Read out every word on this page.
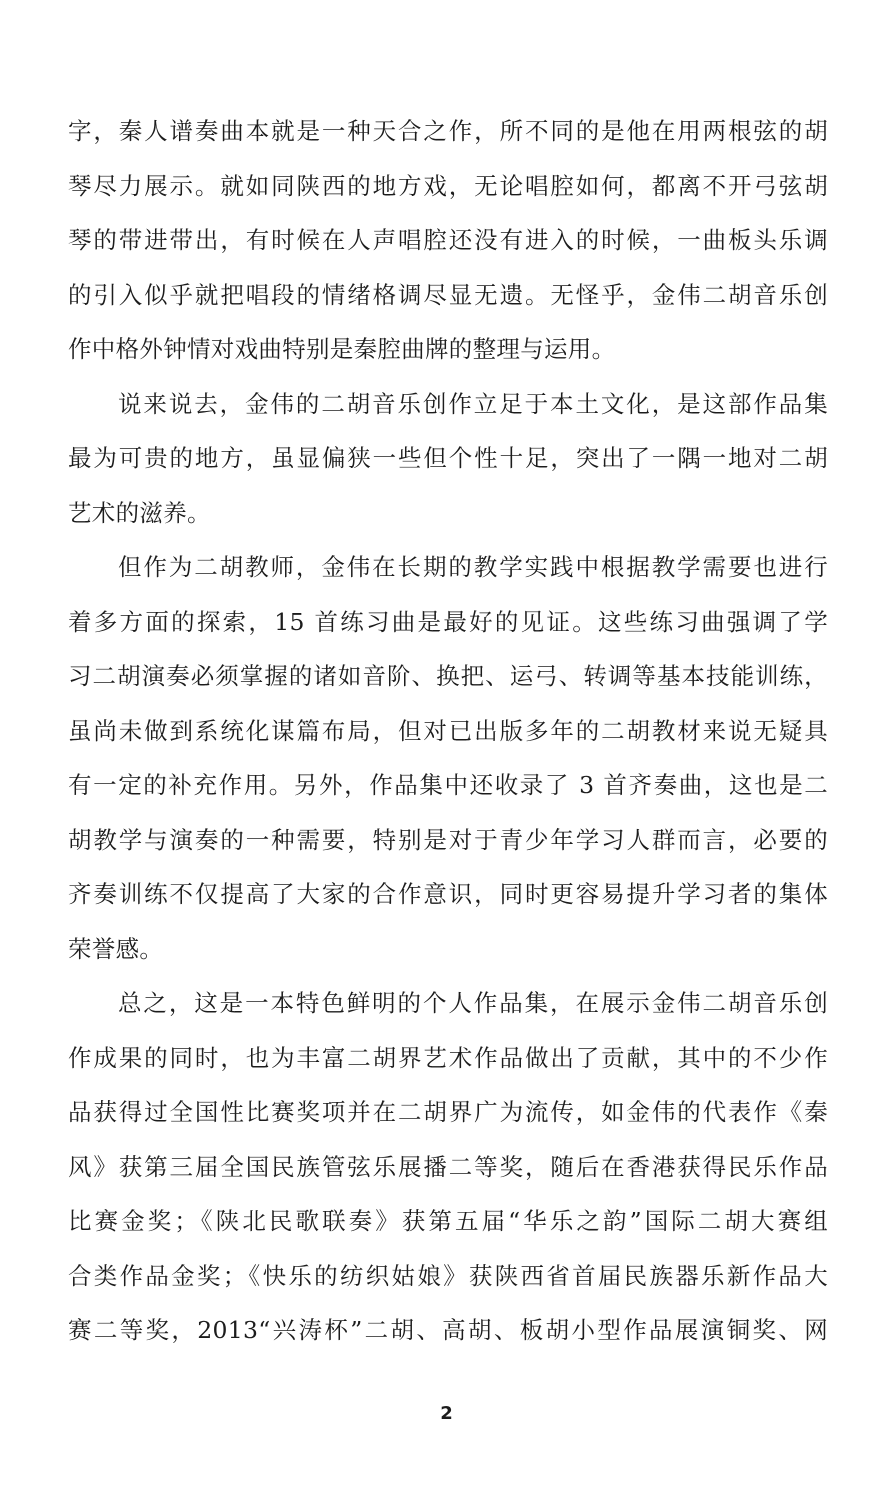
字，秦人谱奏曲本就是一种天合之作，所不同的是他在用两根弦的胡
琴尽力展示。就如同陕西的地方戏，无论唱腔如何，都离不开弓弦胡
琴的带进带出，有时候在人声唱腔还没有进入的时候，一曲板头乐调
的引入似乎就把唱段的情绪格调尽显无遗。无怪乎，金伟二胡音乐创
作中格外钟情对戏曲特别是秦腔曲牌的整理与运用。
说来说去，金伟的二胡音乐创作立足于本土文化，是这部作品集
最为可贵的地方，虽显偏狭一些但个性十足，突出了一隅一地对二胡
艺术的滋养。
但作为二胡教师，金伟在长期的教学实践中根据教学需要也进行
着多方面的探索，15 首练习曲是最好的见证。这些练习曲强调了学
习二胡演奏必须掌握的诸如音阶、换把、运弓、转调等基本技能训练，
虽尚未做到系统化谋篇布局，但对已出版多年的二胡教材来说无疑具
有一定的补充作用。另外，作品集中还收录了 3 首齐奏曲，这也是二
胡教学与演奏的一种需要，特别是对于青少年学习人群而言，必要的
齐奏训练不仅提高了大家的合作意识，同时更容易提升学习者的集体
荣誉感。
总之，这是一本特色鲜明的个人作品集，在展示金伟二胡音乐创
作成果的同时，也为丰富二胡界艺术作品做出了贡献，其中的不少作
品获得过全国性比赛奖项并在二胡界广为流传，如金伟的代表作《秦
风》获第三届全国民族管弦乐展播二等奖，随后在香港获得民乐作品
比赛金奖；《陕北民歌联奏》获第五届“华乐之韵”国际二胡大赛组
合类作品金奖；《快乐的纺织姑娘》获陕西省首届民族器乐新作品大
赛二等奖，2013“兴涛杯”二胡、高胡、板胡小型作品展演铜奖、网
2
